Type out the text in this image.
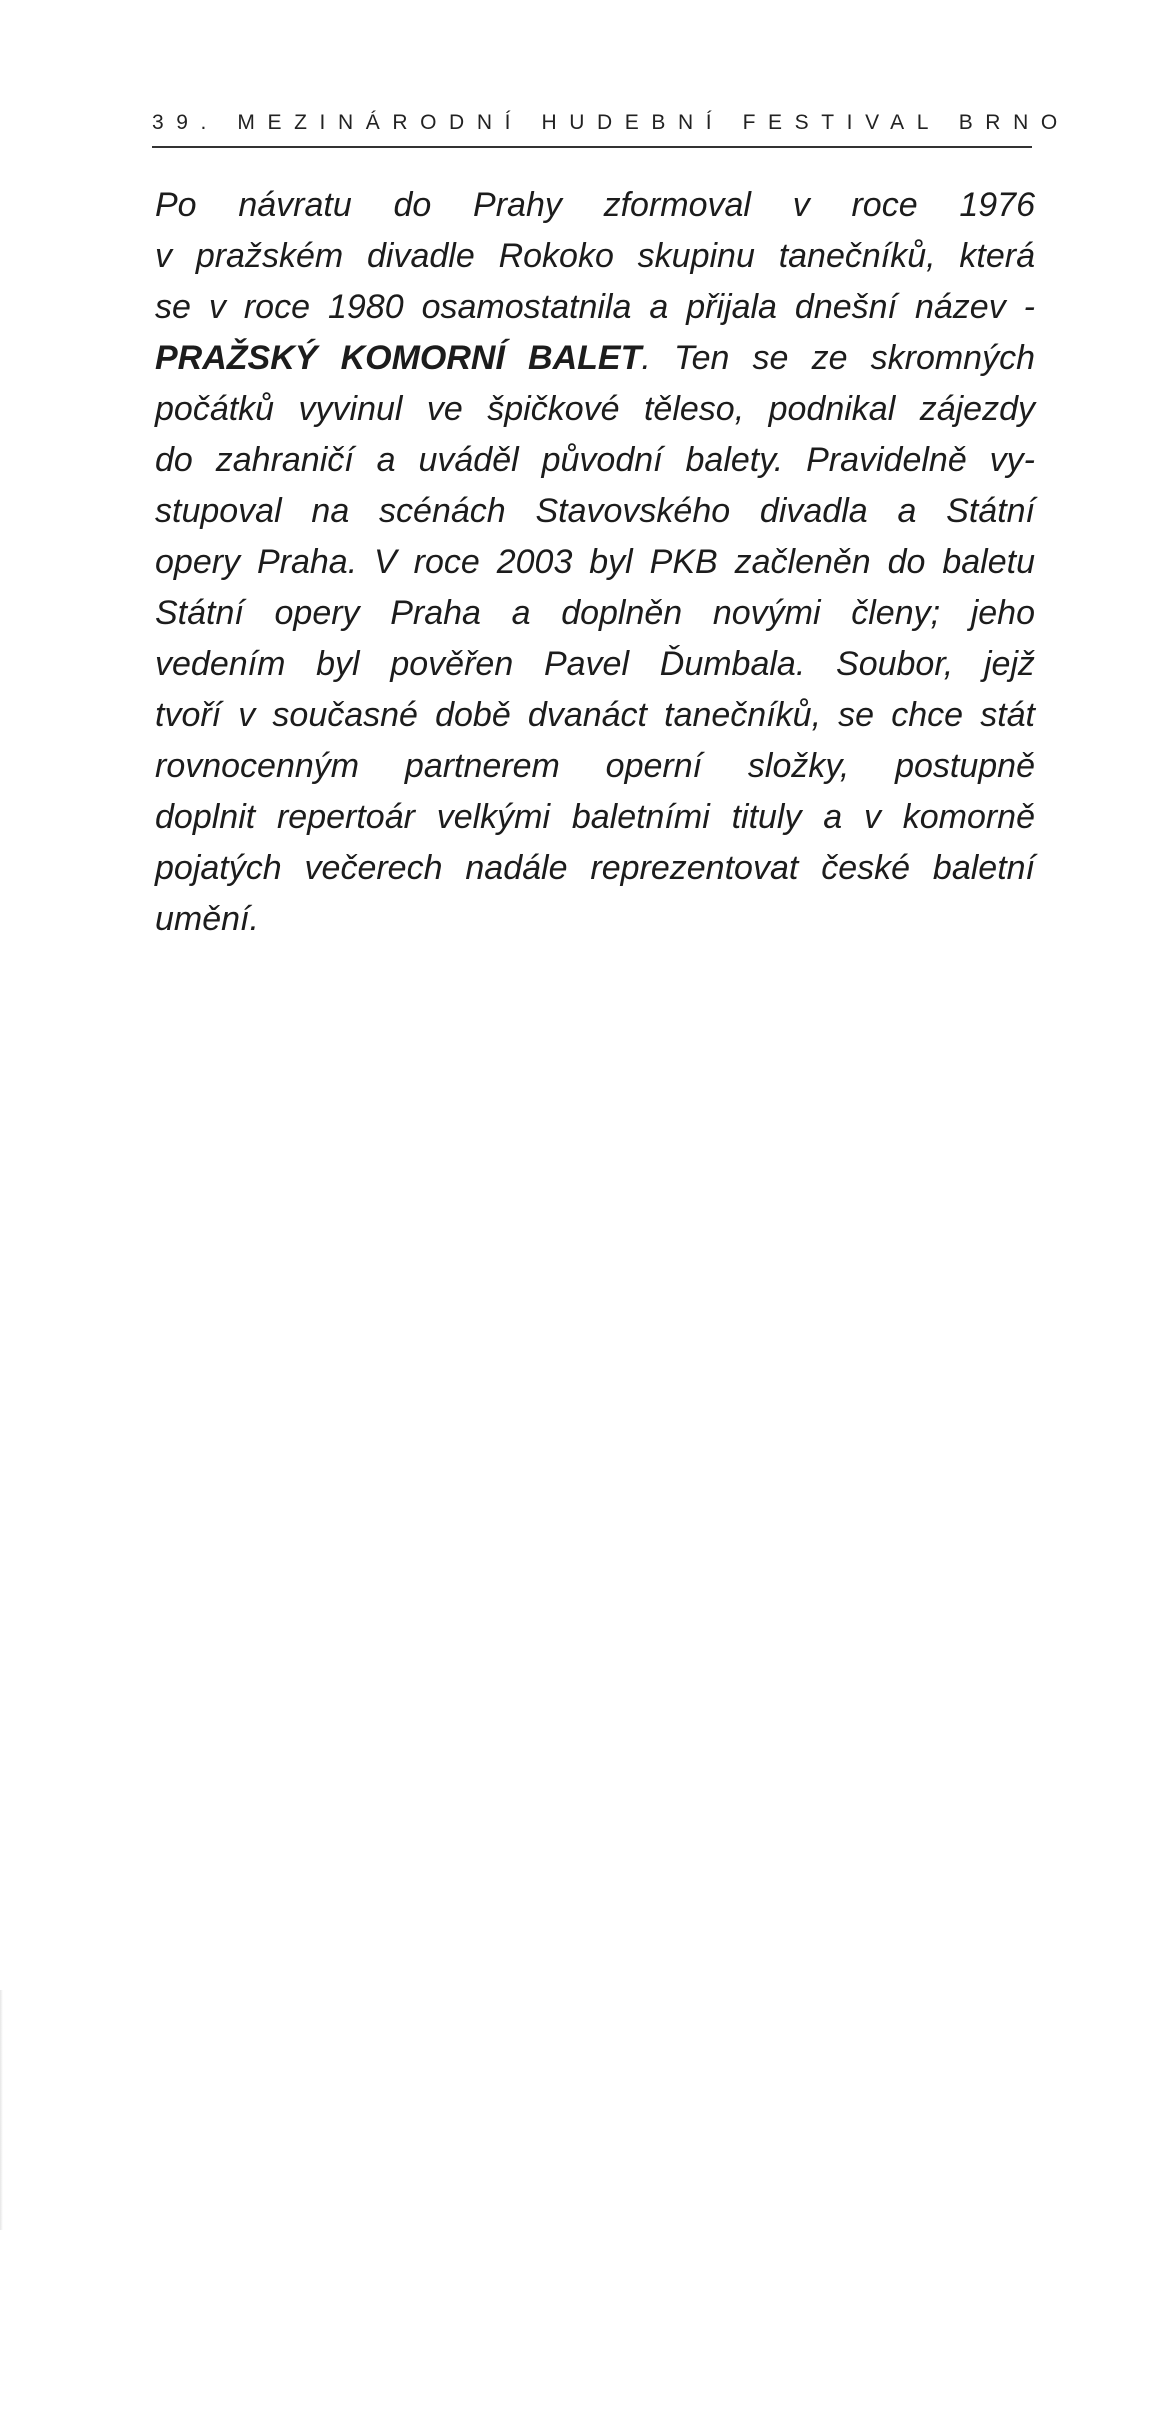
39. MEZINÁRODNÍ HUDEBNÍ FESTIVAL BRNO
Po návratu do Prahy zformoval v roce 1976
v pražském divadle Rokoko skupinu tanečníků, která
se v roce 1980 osamostatnila a přijala dnešní název -
PRAŽSKÝ KOMORNÍ BALET. Ten se ze skromných
počátků vyvinul ve špičkové těleso, podnikal zájezdy
do zahraničí a uváděl původní balety. Pravidelně vy-
stupoval na scénách Stavovského divadla a Státní
opery Praha. V roce 2003 byl PKB začleněn do baletu
Státní opery Praha a doplněn novými členy; jeho
vedením byl pověřen Pavel Ďumbala. Soubor, jejž
tvoří v současné době dvanáct tanečníků, se chce stát
rovnocenným partnerem operní složky, postupně
doplnit repertoár velkými baletními tituly a v komorně
pojatých večerech nadále reprezentovat české baletní
umění.
